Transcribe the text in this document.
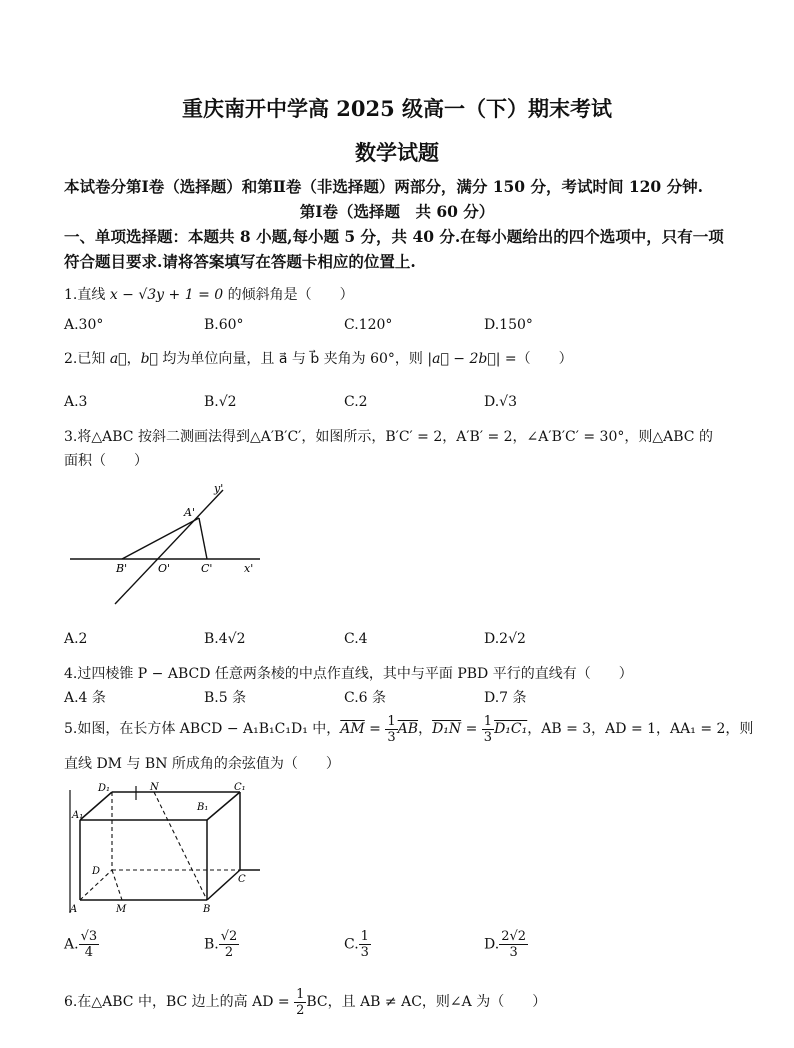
重庆南开中学高 2025 级高一（下）期末考试
数学试题
本试卷分第Ⅰ卷（选择题）和第Ⅱ卷（非选择题）两部分，满分 150 分，考试时间 120 分钟.
第Ⅰ卷（选择题　共 60 分）
一、单项选择题：本题共 8 小题,每小题 5 分，共 40 分.在每小题给出的四个选项中，只有一项
符合题目要求.请将答案填写在答题卡相应的位置上.
1.直线 x − √3y + 1 = 0 的倾斜角是（　　）
A.30°	B.60°	C.120°	D.150°
2.已知 a⃗，b⃗ 均为单位向量，且 a⃗ 与 b⃗ 夹角为 60°，则 |a⃗ − 2b⃗| =（　　）
A.3	B.√2	C.2	D.√3
3.将△ABC 按斜二测画法得到△A′B′C′，如图所示，B′C′ = 2，A′B′ = 2，∠A′B′C′ = 30°，则△ABC 的
面积（　　）
y'
A'
B'	O'	C'	x'
A.2	B.4√2	C.4	D.2√2
4.过四棱锥 P − ABCD 任意两条棱的中点作直线，其中与平面 PBD 平行的直线有（　　）
A.4 条	B.5 条	C.6 条	D.7 条
5.如图，在长方体 ABCD − A₁B₁C₁D₁ 中，$\overline{AM} = \frac{1}{3} \overline{AB}$，$D_1N = \frac{1}{3} D_1C_1$，AB = 3，AD = 1，AA₁ = 2，则
直线 DM 与 BN 所成角的余弦值为（　　）
D₁	N
B₁
C₁
A₁
D
C
A	M	B
A. $\frac{√3}{4}$	B. $\frac{√2}{2}$	C. $\frac{1}{3}$	D. $\frac{2√2}{3}$
6.在△ABC 中，BC 边上的高 AD = $\frac{1}{2}$ BC，且 AB ≠ AC，则∠A 为（　　）
